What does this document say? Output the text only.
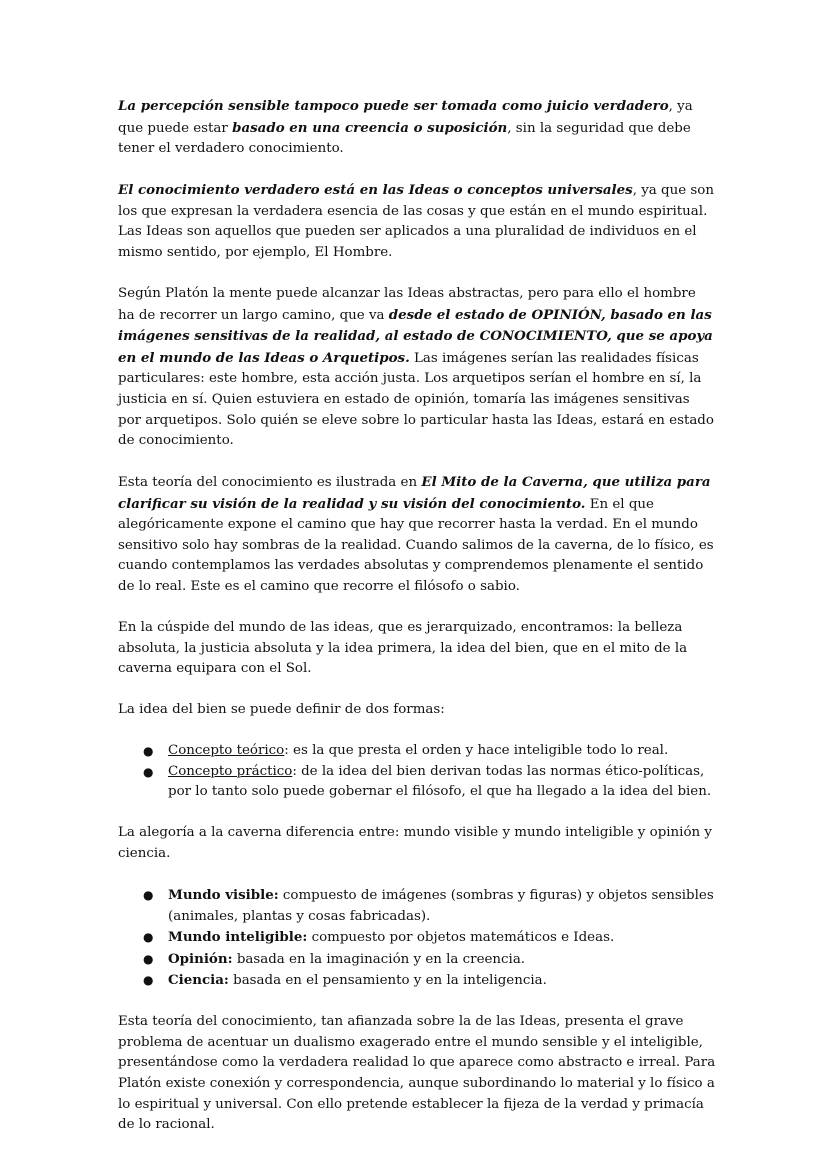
La percepción sensible tampoco puede ser tomada como juicio verdadero, ya que puede estar basado en una creencia o suposición, sin la seguridad que debe tener el verdadero conocimiento.

El conocimiento verdadero está en las Ideas o conceptos universales, ya que son los que expresan la verdadera esencia de las cosas y que están en el mundo espiritual. Las Ideas son aquellos que pueden ser aplicados a una pluralidad de individuos en el mismo sentido, por ejemplo, El Hombre.

Según Platón la mente puede alcanzar las Ideas abstractas, pero para ello el hombre ha de recorrer un largo camino, que va desde el estado de OPINIÓN, basado en las imágenes sensitivas de la realidad, al estado de CONOCIMIENTO, que se apoya en el mundo de las Ideas o Arquetipos. Las imágenes serían las realidades físicas particulares: este hombre, esta acción justa. Los arquetipos serían el hombre en sí, la justicia en sí. Quien estuviera en estado de opinión, tomaría las imágenes sensitivas por arquetipos. Solo quién se eleve sobre lo particular hasta las Ideas, estará en estado de conocimiento.

Esta teoría del conocimiento es ilustrada en El Mito de la Caverna, que utiliza para clarificar su visión de la realidad y su visión del conocimiento. En el que alegóricamente expone el camino que hay que recorrer hasta la verdad. En el mundo sensitivo solo hay sombras de la realidad. Cuando salimos de la caverna, de lo físico, es cuando contemplamos las verdades absolutas y comprendemos plenamente el sentido de lo real. Este es el camino que recorre el filósofo o sabio.

En la cúspide del mundo de las ideas, que es jerarquizado, encontramos: la belleza absoluta, la justicia absoluta y la idea primera, la idea del bien, que en el mito de la caverna equipara con el Sol.

La idea del bien se puede definir de dos formas:

● Concepto teórico: es la que presta el orden y hace inteligible todo lo real.
● Concepto práctico: de la idea del bien derivan todas las normas ético-políticas, por lo tanto solo puede gobernar el filósofo, el que ha llegado a la idea del bien.

La alegoría a la caverna diferencia entre: mundo visible y mundo inteligible y opinión y ciencia.

● Mundo visible: compuesto de imágenes (sombras y figuras) y objetos sensibles (animales, plantas y cosas fabricadas).
● Mundo inteligible: compuesto por objetos matemáticos e Ideas.
● Opinión: basada en la imaginación y en la creencia.
● Ciencia: basada en el pensamiento y en la inteligencia.

Esta teoría del conocimiento, tan afianzada sobre la de las Ideas, presenta el grave problema de acentuar un dualismo exagerado entre el mundo sensible y el inteligible, presentándose como la verdadera realidad lo que aparece como abstracto e irreal. Para Platón existe conexión y correspondencia, aunque subordinando lo material y lo físico a lo espiritual y universal. Con ello pretende establecer la fijeza de la verdad y primacía de lo racional.
